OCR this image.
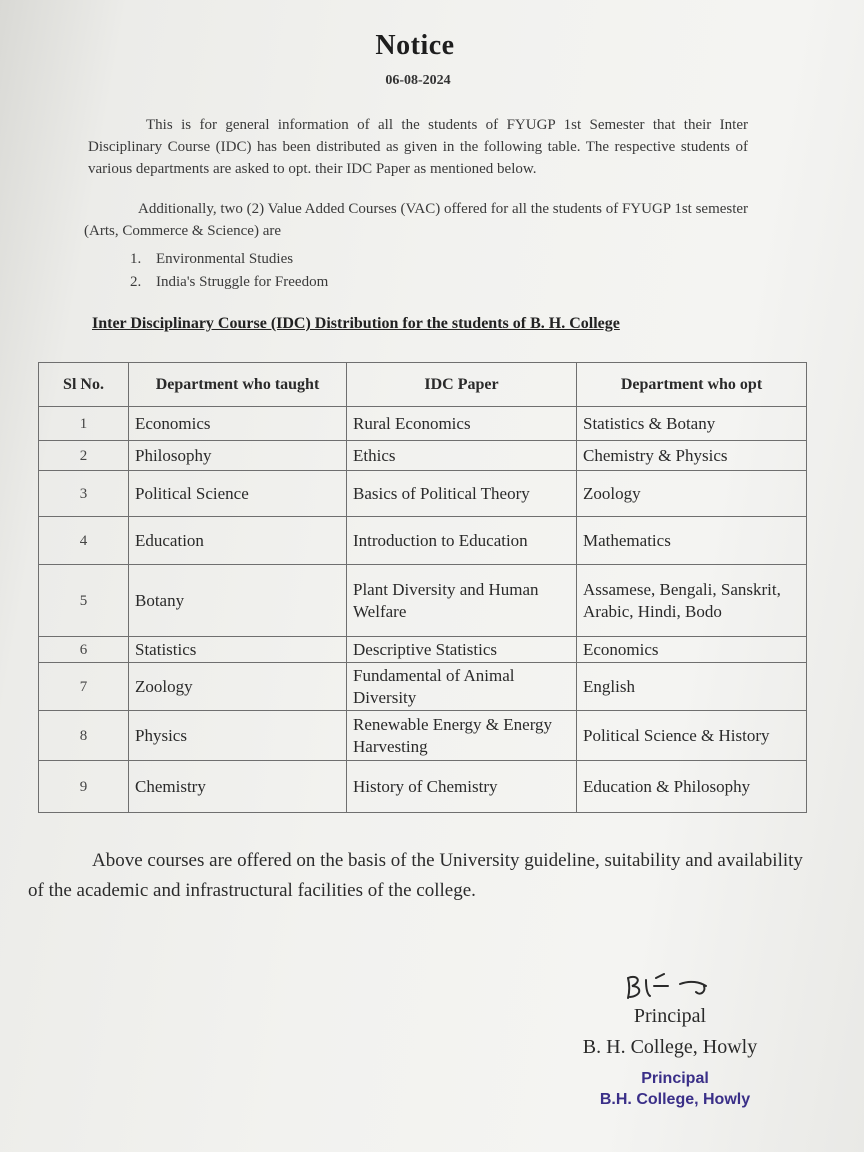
Notice
06-08-2024
This is for general information of all the students of FYUGP 1st Semester that their Inter Disciplinary Course (IDC) has been distributed as given in the following table. The respective students of various departments are asked to opt. their IDC Paper as mentioned below.
Additionally, two (2) Value Added Courses (VAC) offered for all the students of FYUGP 1st semester (Arts, Commerce & Science) are
1. Environmental Studies
2. India's Struggle for Freedom
Inter Disciplinary Course (IDC) Distribution for the students of B. H. College
Sl No.	Department who taught	IDC Paper	Department who opt
1	Economics	Rural Economics	Statistics & Botany
2	Philosophy	Ethics	Chemistry & Physics
3	Political Science	Basics of Political Theory	Zoology
4	Education	Introduction to Education	Mathematics
5	Botany	Plant Diversity and Human Welfare	Assamese, Bengali, Sanskrit, Arabic, Hindi, Bodo
6	Statistics	Descriptive Statistics	Economics
7	Zoology	Fundamental of Animal Diversity	English
8	Physics	Renewable Energy & Energy Harvesting	Political Science & History
9	Chemistry	History of Chemistry	Education & Philosophy
Above courses are offered on the basis of the University guideline, suitability and availability of the academic and infrastructural facilities of the college.
Principal
B. H. College, Howly
Principal
B.H. College, Howly
